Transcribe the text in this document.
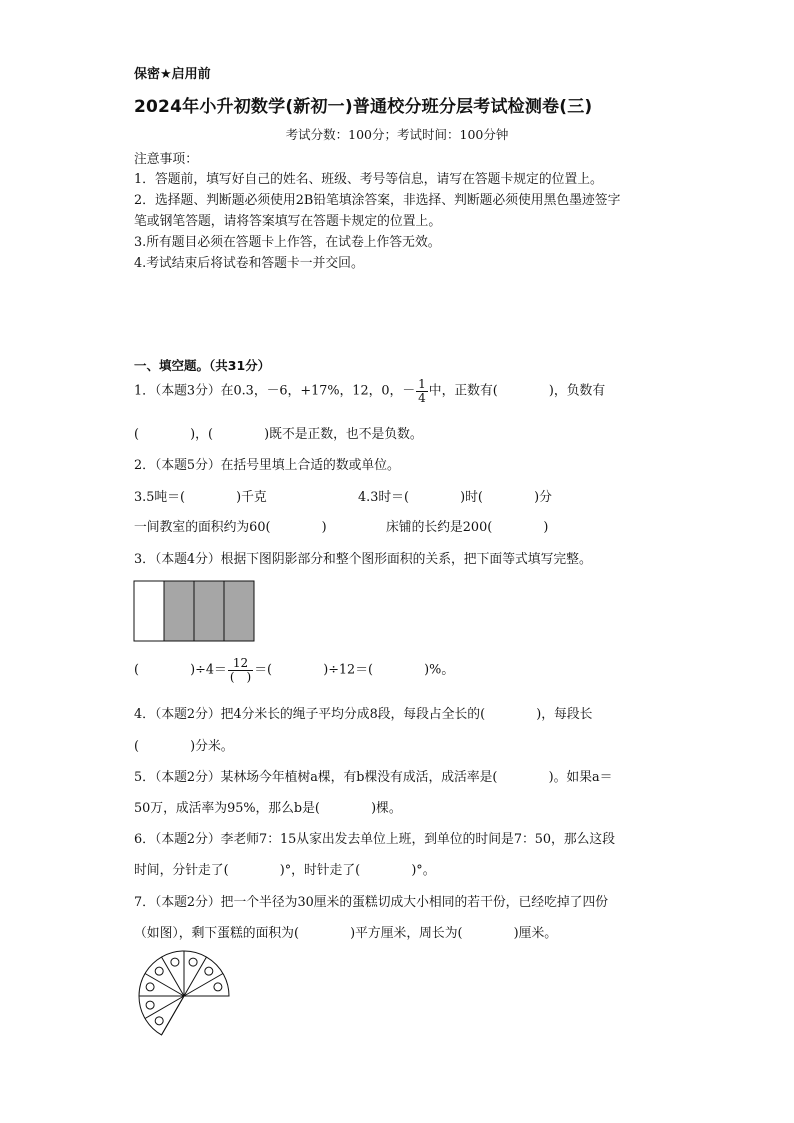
保密★启用前
2024年小升初数学(新初一)普通校分班分层考试检测卷(三)
考试分数：100分；考试时间：100分钟
注意事项：
1．答题前，填写好自己的姓名、班级、考号等信息，请写在答题卡规定的位置上。
2．选择题、判断题必须使用2B铅笔填涂答案，非选择、判断题必须使用黑色墨迹签字
笔或钢笔答题，请将答案填写在答题卡规定的位置上。
3.所有题目必须在答题卡上作答，在试卷上作答无效。
4.考试结束后将试卷和答题卡一并交回。
一、填空题。（共31分）
1．（本题3分）在0.3，－6，+17%，12，0，－ $\frac{1}{4}$ 中，正数有(　　　　)，负数有
(　　　　)，(　　　　)既不是正数，也不是负数。
2．（本题5分）在括号里填上合适的数或单位。
3.5吨＝(　　　　)千克	4.3时＝(　　　　)时(　　　　)分
一间教室的面积约为60(　　　　)	床铺的长约是200(　　　　)
3．（本题4分）根据下图阴影部分和整个图形面积的关系，把下面等式填写完整。
(　　　　)$\div 4= \frac{12}{( )}$ ＝(　　　　)÷12＝(　　　　)%。
4．（本题2分）把4分米长的绳子平均分成8段，每段占全长的(　　　　)，每段长
(　　　　)分米。
5．（本题2分）某林场今年植树a棵，有b棵没有成活，成活率是(　　　　)。如果a＝
50万，成活率为95%，那么b是(　　　　)棵。
6．（本题2分）李老师7：15从家出发去单位上班，到单位的时间是7：50，那么这段
时间，分针走了(　　　　)°，时针走了(　　　　)°。
7．（本题2分）把一个半径为30厘米的蛋糕切成大小相同的若干份，已经吃掉了四份
（如图），剩下蛋糕的面积为(　　　　)平方厘米，周长为(　　　　)厘米。
